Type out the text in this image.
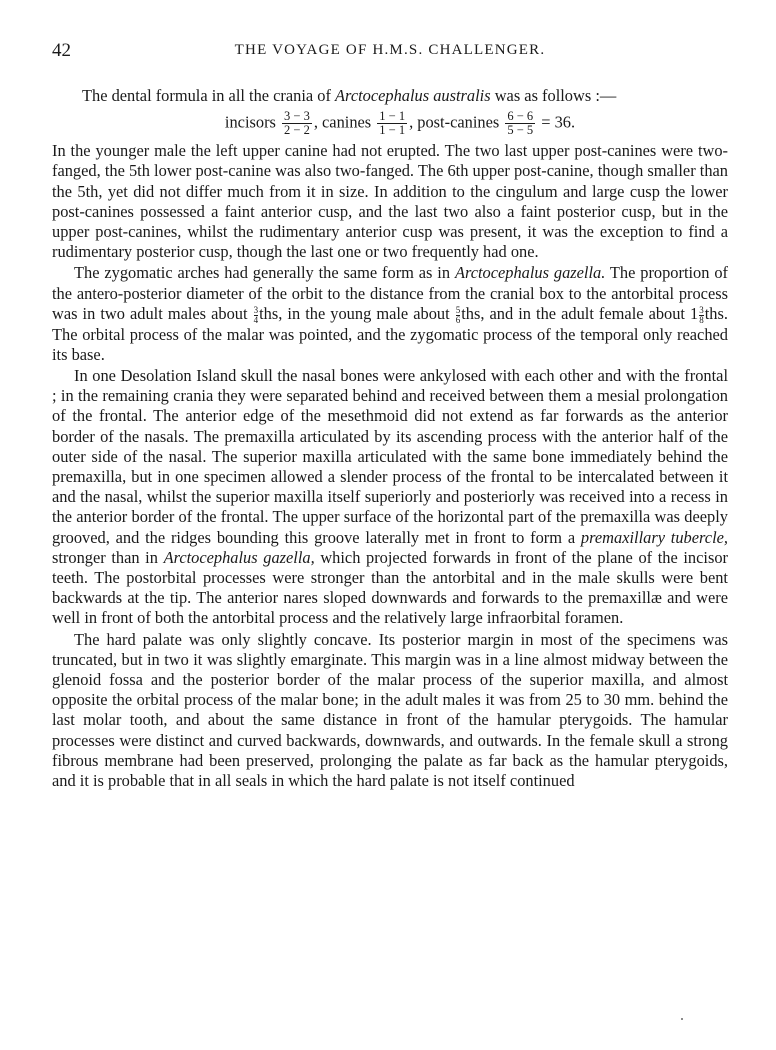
42	THE VOYAGE OF H.M.S. CHALLENGER.

The dental formula in all the crania of Arctocephalus australis was as follows :—

incisors $\frac{3 - 3}{2 - 2}$ , canines $\frac{1 - 1}{1 - 1}$ , post-canines $\frac{6 - 6}{5 - 5} = 36$.

In the younger male the left upper canine had not erupted. The two last upper post-canines were two-fanged, the 5th lower post-canine was also two-fanged. The 6th upper post-canine, though smaller than the 5th, yet did not differ much from it in size. In addition to the cingulum and large cusp the lower post-canines possessed a faint anterior cusp, and the last two also a faint posterior cusp, but in the upper post-canines, whilst the rudimentary anterior cusp was present, it was the exception to find a rudimentary posterior cusp, though the last one or two frequently had one.

The zygomatic arches had generally the same form as in Arctocephalus gazella. The proportion of the antero-posterior diameter of the orbit to the distance from the cranial box to the antorbital process was in two adult males about $\frac{3}{4}$ ths, in the young male about $\frac{5}{6}$ ths, and in the adult female about $1 \frac{3}{8}$ ths. The orbital process of the malar was pointed, and the zygomatic process of the temporal only reached its base.

In one Desolation Island skull the nasal bones were ankylosed with each other and with the frontal ; in the remaining crania they were separated behind and received between them a mesial prolongation of the frontal. The anterior edge of the mesethmoid did not extend as far forwards as the anterior border of the nasals. The premaxilla articulated by its ascending process with the anterior half of the outer side of the nasal. The superior maxilla articulated with the same bone immediately behind the premaxilla, but in one specimen allowed a slender process of the frontal to be intercalated between it and the nasal, whilst the superior maxilla itself superiorly and posteriorly was received into a recess in the anterior border of the frontal. The upper surface of the horizontal part of the premaxilla was deeply grooved, and the ridges bounding this groove laterally met in front to form a premaxillary tubercle, stronger than in Arctocephalus gazella, which projected forwards in front of the plane of the incisor teeth. The postorbital processes were stronger than the antorbital and in the male skulls were bent backwards at the tip. The anterior nares sloped downwards and forwards to the premaxillæ and were well in front of both the antorbital process and the relatively large infraorbital foramen.

The hard palate was only slightly concave. Its posterior margin in most of the specimens was truncated, but in two it was slightly emarginate. This margin was in a line almost midway between the glenoid fossa and the posterior border of the malar process of the superior maxilla, and almost opposite the orbital process of the malar bone; in the adult males it was from 25 to 30 mm. behind the last molar tooth, and about the same distance in front of the hamular pterygoids. The hamular processes were distinct and curved backwards, downwards, and outwards. In the female skull a strong fibrous membrane had been preserved, prolonging the palate as far back as the hamular pterygoids, and it is probable that in all seals in which the hard palate is not itself continued
